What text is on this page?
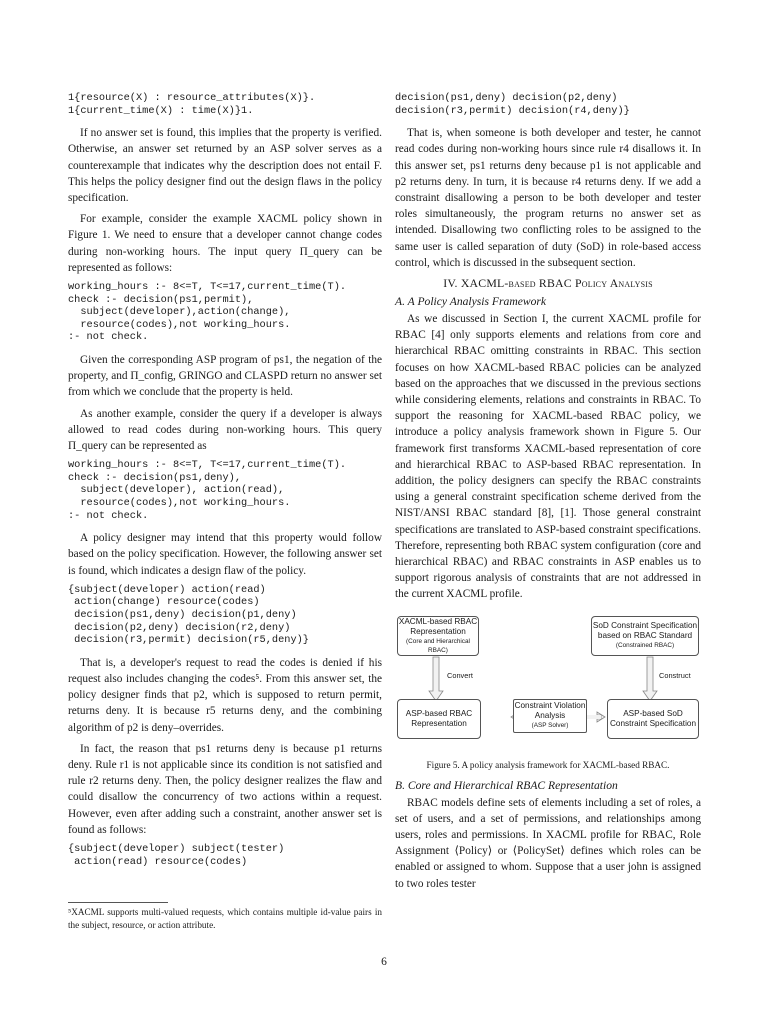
1{resource(X) : resource_attributes(X)}.
1{current_time(X) : time(X)}1.

If no answer set is found, this implies that the property is verified. Otherwise, an answer set returned by an ASP solver serves as a counterexample that indicates why the description does not entail F. This helps the policy designer find out the design flaws in the policy specification.

For example, consider the example XACML policy shown in Figure 1. We need to ensure that a developer cannot change codes during non-working hours. The input query Π_query can be represented as follows:

working_hours :- 8<=T, T<=17,current_time(T).
check :- decision(ps1,permit),
subject(developer),action(change),
resource(codes),not working_hours.
:- not check.

Given the corresponding ASP program of ps1, the negation of the property, and Π_config, GRINGO and CLASPD return no answer set from which we conclude that the property is held.

As another example, consider the query if a developer is always allowed to read codes during non-working hours. This query Π_query can be represented as

working_hours :- 8<=T, T<=17,current_time(T).
check :- decision(ps1,deny),
subject(developer), action(read),
resource(codes),not working_hours.
:- not check.

A policy designer may intend that this property would follow based on the policy specification. However, the following answer set is found, which indicates a design flaw of the policy.

{subject(developer) action(read)
action(change) resource(codes)
decision(ps1,deny) decision(p1,deny)
decision(p2,deny) decision(r2,deny)
decision(r3,permit) decision(r5,deny)}

That is, a developer's request to read the codes is denied if his request also includes changing the codes⁵. From this answer set, the policy designer finds that p2, which is supposed to return permit, returns deny. It is because r5 returns deny, and the combining algorithm of p2 is deny–overrides.

In fact, the reason that ps1 returns deny is because p1 returns deny. Rule r1 is not applicable since its condition is not satisfied and rule r2 returns deny. Then, the policy designer realizes the flaw and could disallow the concurrency of two actions within a request. However, even after adding such a constraint, another answer set is found as follows:

{subject(developer) subject(tester)
action(read) resource(codes)
⁵XACML supports multi-valued requests, which contains multiple id-value pairs in the subject, resource, or action attribute.
decision(ps1,deny) decision(p2,deny)
decision(r3,permit) decision(r4,deny)}

That is, when someone is both developer and tester, he cannot read codes during non-working hours since rule r4 disallows it. In this answer set, ps1 returns deny because p1 is not applicable and p2 returns deny. In turn, it is because r4 returns deny. If we add a constraint disallowing a person to be both developer and tester roles simultaneously, the program returns no answer set as intended. Disallowing two conflicting roles to be assigned to the same user is called separation of duty (SoD) in role-based access control, which is discussed in the subsequent section.

IV. XACML-based RBAC Policy Analysis
A. A Policy Analysis Framework

As we discussed in Section I, the current XACML profile for RBAC [4] only supports elements and relations from core and hierarchical RBAC omitting constraints in RBAC. This section focuses on how XACML-based RBAC policies can be analyzed based on the approaches that we discussed in the previous sections while considering elements, relations and constraints in RBAC. To support the reasoning for XACML-based RBAC policy, we introduce a policy analysis framework shown in Figure 5. Our framework first transforms XACML-based representation of core and hierarchical RBAC to ASP-based RBAC representation. In addition, the policy designers can specify the RBAC constraints using a general constraint specification scheme derived from the NIST/ANSI RBAC standard [8], [1]. Those general constraint specifications are translated to ASP-based constraint specifications. Therefore, representing both RBAC system configuration (core and hierarchical RBAC) and RBAC constraints in ASP enables us to support rigorous analysis of constraints that are not addressed in the current XACML profile.

XACML-based RBAC Representation
(Core and Hierarchical RBAC)
SoD Constraint Specification based on RBAC Standard
(Constrained RBAC)
Convert	Construct
ASP-based RBAC Representation
Constraint Violation Analysis
(ASP Solver)
ASP-based SoD Constraint Specification
Figure 5. A policy analysis framework for XACML-based RBAC.
B. Core and Hierarchical RBAC Representation

RBAC models define sets of elements including a set of roles, a set of users, and a set of permissions, and relationships among users, roles and permissions. In XACML profile for RBAC, Role Assignment ⟨Policy⟩ or ⟨PolicySet⟩ defines which roles can be enabled or assigned to whom. Suppose that a user john is assigned to two roles tester

6
